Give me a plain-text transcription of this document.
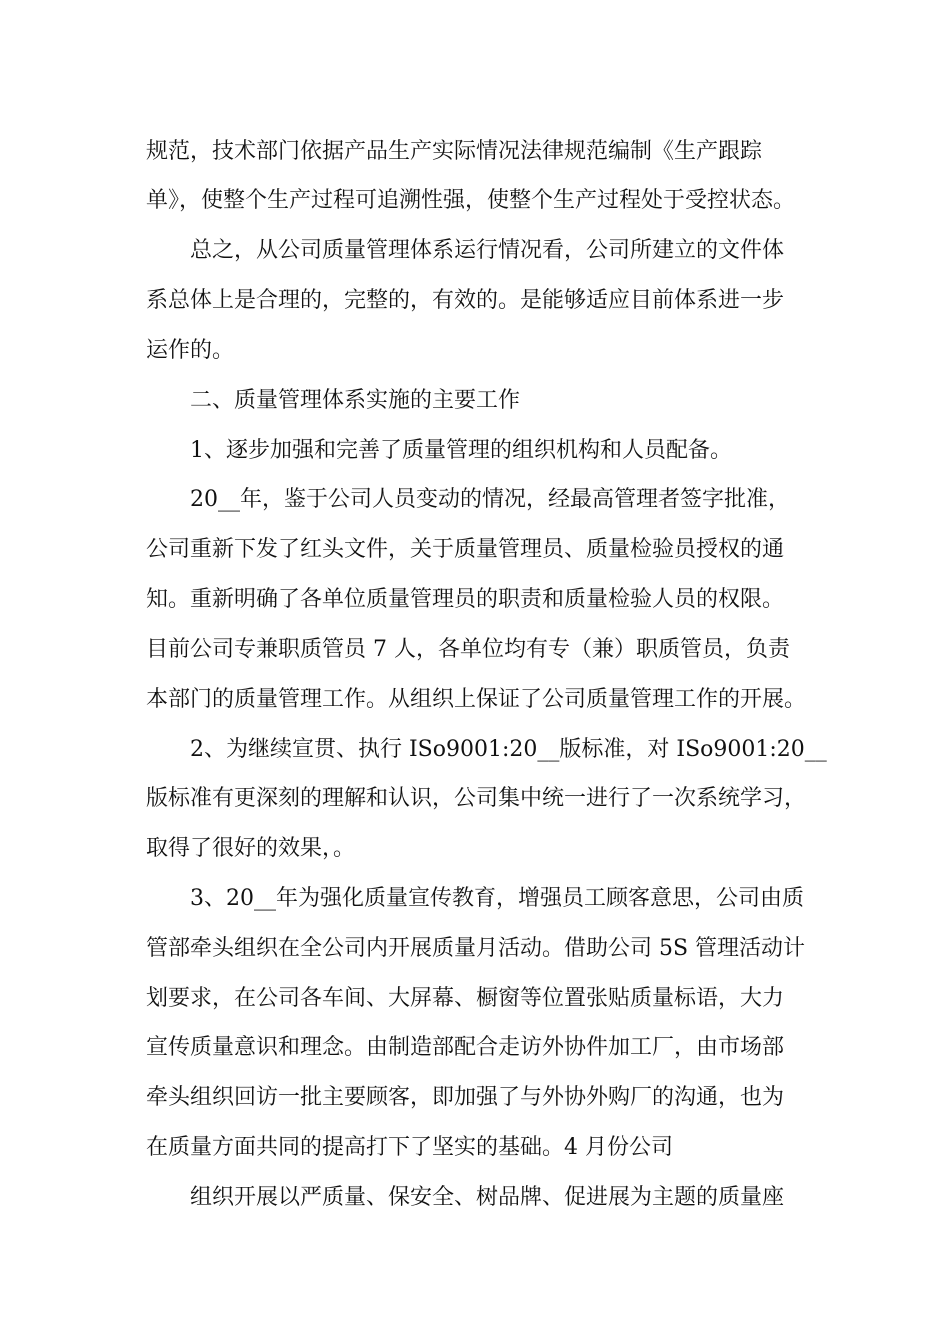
规范，技术部门依据产品生产实际情况法律规范编制《生产跟踪
单》，使整个生产过程可追溯性强，使整个生产过程处于受控状态。
总之，从公司质量管理体系运行情况看，公司所建立的文件体
系总体上是合理的，完整的，有效的。是能够适应目前体系进一步
运作的。
二、质量管理体系实施的主要工作
1、逐步加强和完善了质量管理的组织机构和人员配备。
20__年，鉴于公司人员变动的情况，经最高管理者签字批准，
公司重新下发了红头文件，关于质量管理员、质量检验员授权的通
知。重新明确了各单位质量管理员的职责和质量检验人员的权限。
目前公司专兼职质管员 7 人，各单位均有专（兼）职质管员，负责
本部门的质量管理工作。从组织上保证了公司质量管理工作的开展。
2、为继续宣贯、执行 ISo9001:20__版标准，对 ISo9001:20__
版标准有更深刻的理解和认识，公司集中统一进行了一次系统学习，
取得了很好的效果，。
3、20__年为强化质量宣传教育，增强员工顾客意思，公司由质
管部牵头组织在全公司内开展质量月活动。借助公司 5S 管理活动计
划要求，在公司各车间、大屏幕、橱窗等位置张贴质量标语，大力
宣传质量意识和理念。由制造部配合走访外协件加工厂，由市场部
牵头组织回访一批主要顾客，即加强了与外协外购厂的沟通，也为
在质量方面共同的提高打下了坚实的基础。4 月份公司
组织开展以严质量、保安全、树品牌、促进展为主题的质量座
